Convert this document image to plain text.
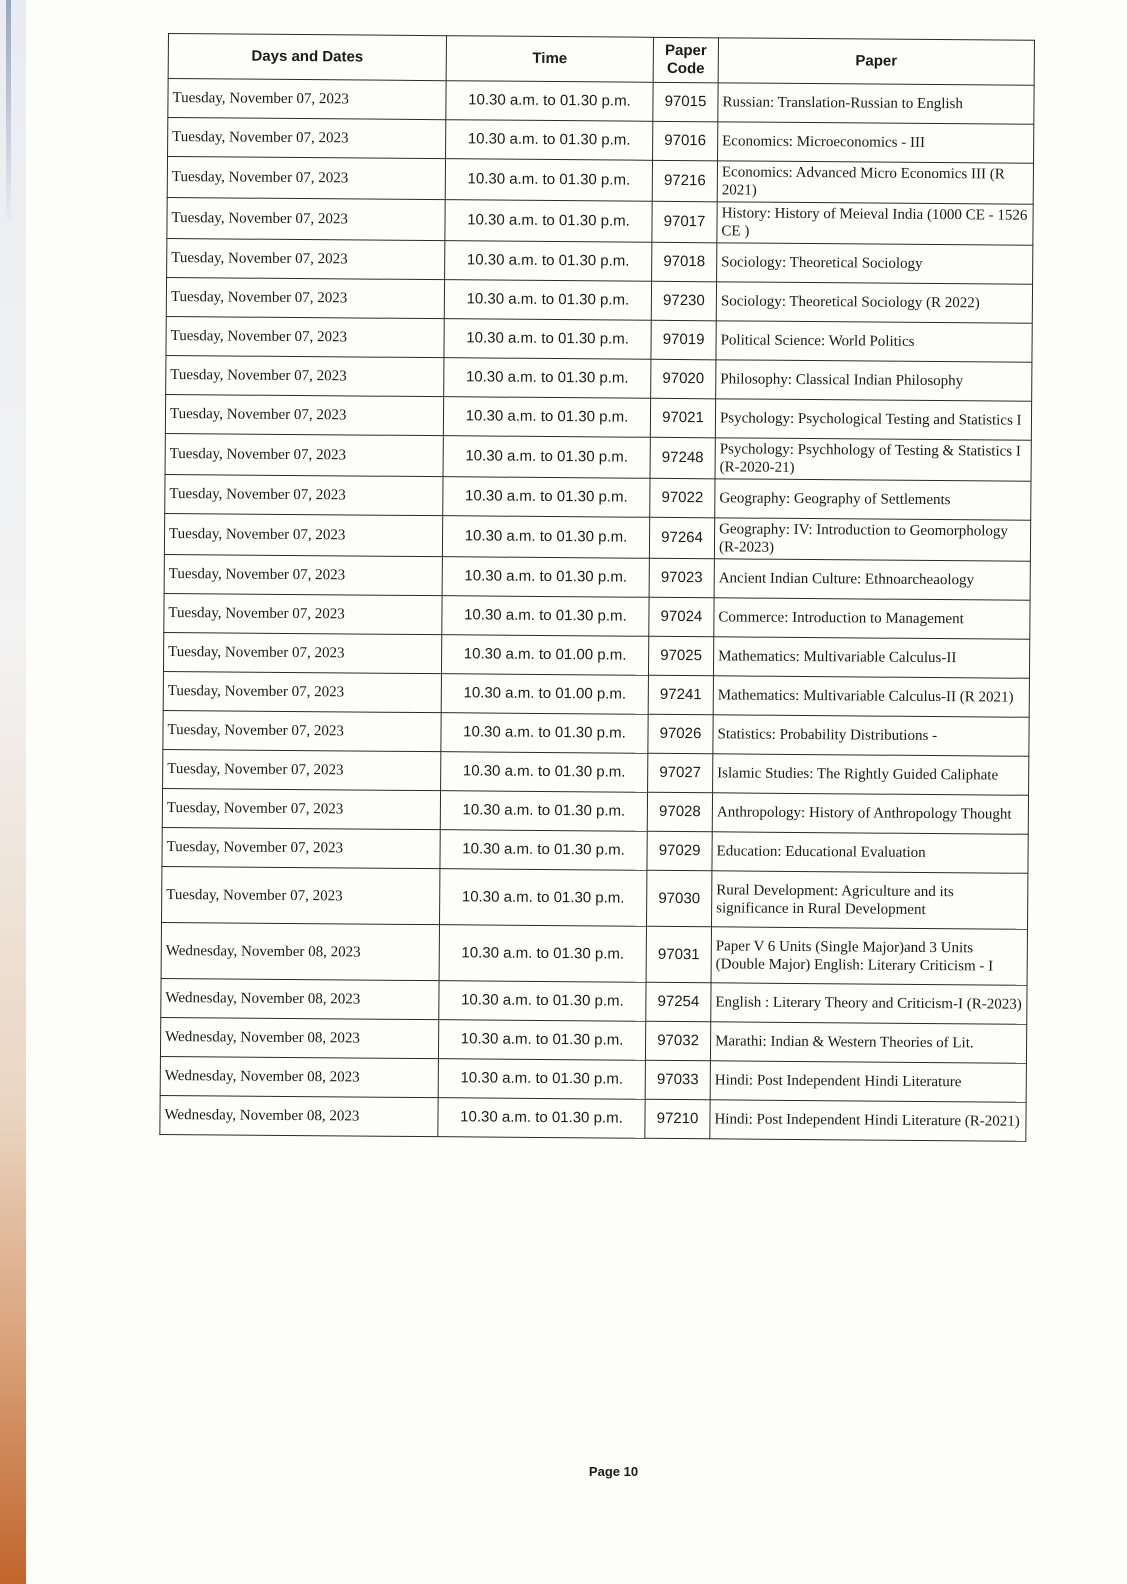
Days and Dates	Time	Paper Code	Paper
Tuesday, November 07, 2023	10.30 a.m. to 01.30 p.m.	97015	Russian: Translation-Russian to English
Tuesday, November 07, 2023	10.30 a.m. to 01.30 p.m.	97016	Economics: Microeconomics - III
Tuesday, November 07, 2023	10.30 a.m. to 01.30 p.m.	97216	Economics: Advanced Micro Economics III (R 2021)
Tuesday, November 07, 2023	10.30 a.m. to 01.30 p.m.	97017	History: History of Meieval India (1000 CE - 1526 CE )
Tuesday, November 07, 2023	10.30 a.m. to 01.30 p.m.	97018	Sociology: Theoretical Sociology
Tuesday, November 07, 2023	10.30 a.m. to 01.30 p.m.	97230	Sociology: Theoretical Sociology (R 2022)
Tuesday, November 07, 2023	10.30 a.m. to 01.30 p.m.	97019	Political Science: World Politics
Tuesday, November 07, 2023	10.30 a.m. to 01.30 p.m.	97020	Philosophy: Classical Indian Philosophy
Tuesday, November 07, 2023	10.30 a.m. to 01.30 p.m.	97021	Psychology: Psychological Testing and Statistics I
Tuesday, November 07, 2023	10.30 a.m. to 01.30 p.m.	97248	Psychology: Psychhology of Testing & Statistics I (R-2020-21)
Tuesday, November 07, 2023	10.30 a.m. to 01.30 p.m.	97022	Geography: Geography of Settlements
Tuesday, November 07, 2023	10.30 a.m. to 01.30 p.m.	97264	Geography: IV: Introduction to Geomorphology (R-2023)
Tuesday, November 07, 2023	10.30 a.m. to 01.30 p.m.	97023	Ancient Indian Culture: Ethnoarcheaology
Tuesday, November 07, 2023	10.30 a.m. to 01.30 p.m.	97024	Commerce: Introduction to Management
Tuesday, November 07, 2023	10.30 a.m. to 01.00 p.m.	97025	Mathematics: Multivariable Calculus-II
Tuesday, November 07, 2023	10.30 a.m. to 01.00 p.m.	97241	Mathematics: Multivariable Calculus-II (R 2021)
Tuesday, November 07, 2023	10.30 a.m. to 01.30 p.m.	97026	Statistics: Probability Distributions -
Tuesday, November 07, 2023	10.30 a.m. to 01.30 p.m.	97027	Islamic Studies: The Rightly Guided Caliphate
Tuesday, November 07, 2023	10.30 a.m. to 01.30 p.m.	97028	Anthropology: History of Anthropology Thought
Tuesday, November 07, 2023	10.30 a.m. to 01.30 p.m.	97029	Education: Educational Evaluation
Tuesday, November 07, 2023	10.30 a.m. to 01.30 p.m.	97030	Rural Development: Agriculture and its significance in Rural Development
Wednesday, November 08, 2023	10.30 a.m. to 01.30 p.m.	97031	Paper V 6 Units (Single Major)and 3 Units (Double Major) English: Literary Criticism - I
Wednesday, November 08, 2023	10.30 a.m. to 01.30 p.m.	97254	English : Literary Theory and Criticism-I (R-2023)
Wednesday, November 08, 2023	10.30 a.m. to 01.30 p.m.	97032	Marathi: Indian & Western Theories of Lit.
Wednesday, November 08, 2023	10.30 a.m. to 01.30 p.m.	97033	Hindi: Post Independent Hindi Literature
Wednesday, November 08, 2023	10.30 a.m. to 01.30 p.m.	97210	Hindi: Post Independent Hindi Literature (R-2021)
Page 10
